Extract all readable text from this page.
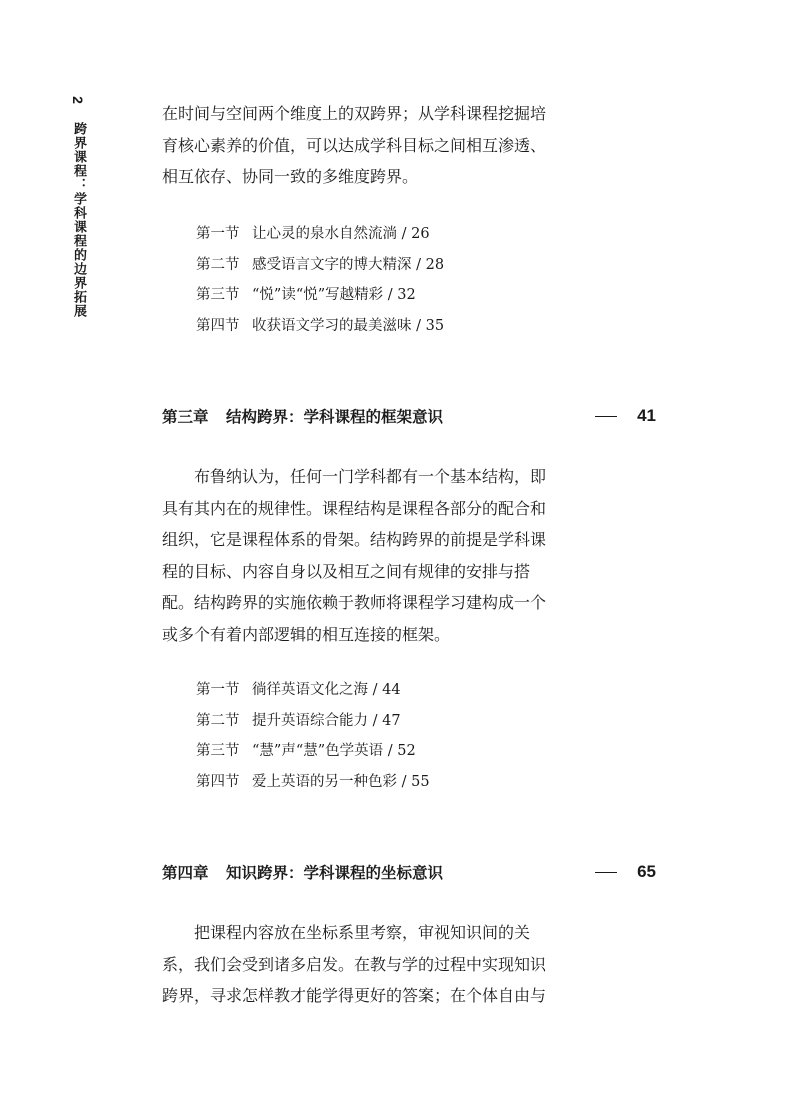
2
跨界课程：学科课程的边界拓展
在时间与空间两个维度上的双跨界；从学科课程挖掘培
育核心素养的价值，可以达成学科目标之间相互渗透、
相互依存、协同一致的多维度跨界。
第一节 让心灵的泉水自然流淌 / 26
第二节 感受语言文字的博大精深 / 28
第三节 “悦”读“悦”写越精彩 / 32
第四节 收获语文学习的最美滋味 / 35
第三章	结构跨界：学科课程的框架意识	41
布鲁纳认为，任何一门学科都有一个基本结构，即
具有其内在的规律性。课程结构是课程各部分的配合和
组织，它是课程体系的骨架。结构跨界的前提是学科课
程的目标、内容自身以及相互之间有规律的安排与搭
配。结构跨界的实施依赖于教师将课程学习建构成一个
或多个有着内部逻辑的相互连接的框架。
第一节 徜徉英语文化之海 / 44
第二节 提升英语综合能力 / 47
第三节 “慧”声“慧”色学英语 / 52
第四节 爱上英语的另一种色彩 / 55
第四章	知识跨界：学科课程的坐标意识	65
把课程内容放在坐标系里考察，审视知识间的关
系，我们会受到诸多启发。在教与学的过程中实现知识
跨界，寻求怎样教才能学得更好的答案；在个体自由与
